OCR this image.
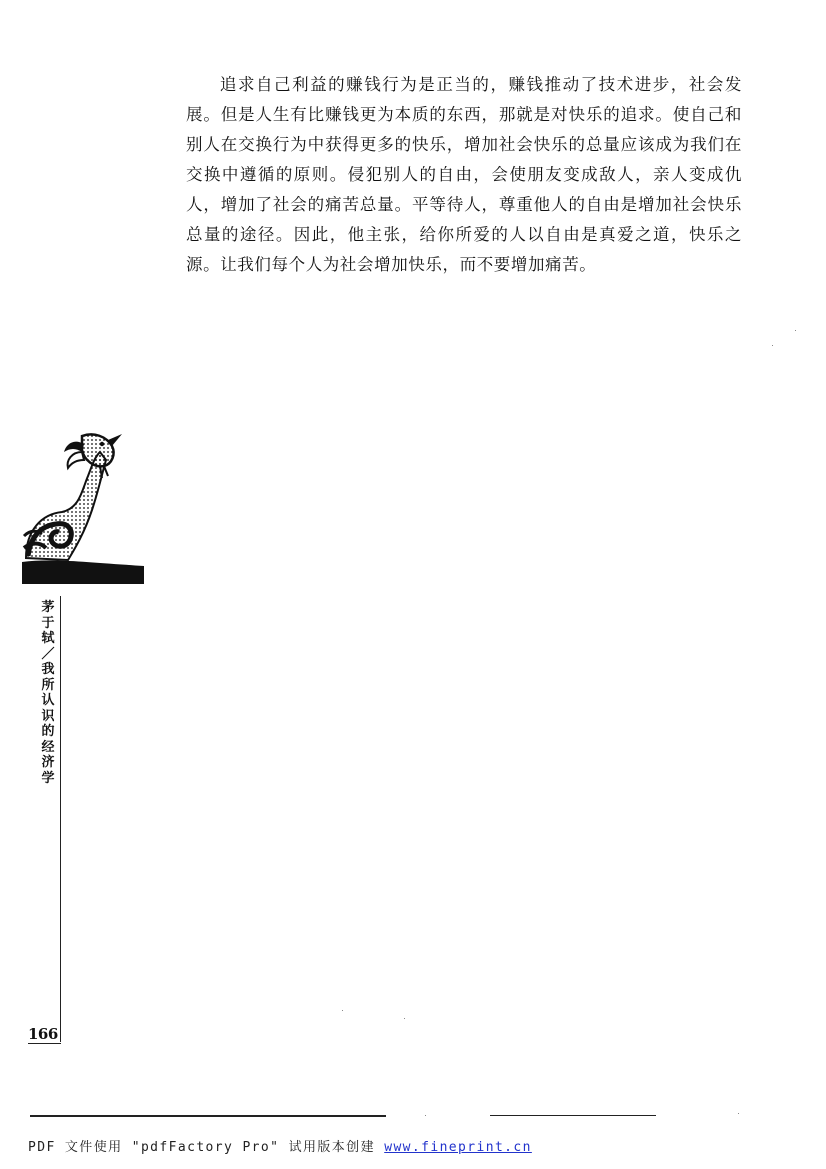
追求自己利益的赚钱行为是正当的，赚钱推动了技术进步，社会发展。但是人生有比赚钱更为本质的东西，那就是对快乐的追求。使自己和别人在交换行为中获得更多的快乐，增加社会快乐的总量应该成为我们在交换中遵循的原则。侵犯别人的自由，会使朋友变成敌人，亲人变成仇人，增加了社会的痛苦总量。平等待人，尊重他人的自由是增加社会快乐总量的途径。因此，他主张，给你所爱的人以自由是真爱之道，快乐之源。让我们每个人为社会增加快乐，而不要增加痛苦。

茅于轼／我所认识的经济学
166
PDF 文件使用 "pdfFactory Pro" 试用版本创建 www.fineprint.cn
